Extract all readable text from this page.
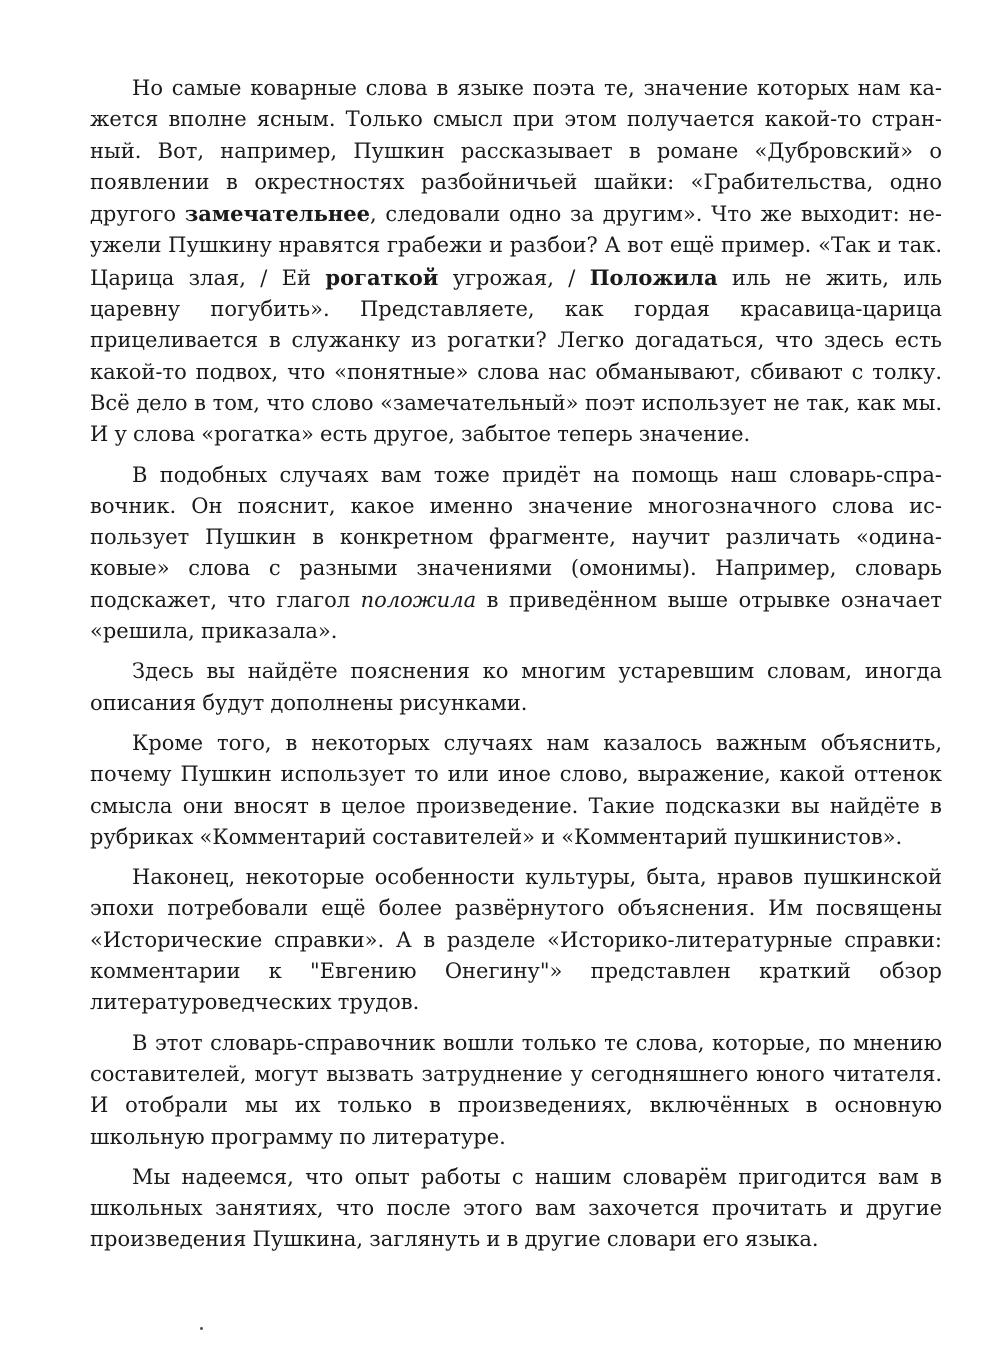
Но самые коварные слова в языке поэта те, значение которых нам кажется вполне ясным. Только смысл при этом получается какой-то странный. Вот, например, Пушкин рассказывает в романе «Дубровский» о появлении в окрестностях разбойничьей шайки: «Грабительства, одно другого замечательнее, следовали одно за другим». Что же выходит: неужели Пушкину нравятся грабежи и разбои? А вот ещё пример. «Так и так. Царица злая, / Ей рогаткой угрожая, / Положила иль не жить, иль царевну погубить». Представляете, как гордая красавица-царица прицеливается в служанку из рогатки? Легко догадаться, что здесь есть какой-то подвох, что «понятные» слова нас обманывают, сбивают с толку. Всё дело в том, что слово «замечательный» поэт использует не так, как мы. И у слова «рогатка» есть другое, забытое теперь значение.

В подобных случаях вам тоже придёт на помощь наш словарь-справочник. Он пояснит, какое именно значение многозначного слова использует Пушкин в конкретном фрагменте, научит различать «одинаковые» слова с разными значениями (омонимы). Например, словарь подскажет, что глагол положила в приведённом выше отрывке означает «решила, приказала».

Здесь вы найдёте пояснения ко многим устаревшим словам, иногда описания будут дополнены рисунками.

Кроме того, в некоторых случаях нам казалось важным объяснить, почему Пушкин использует то или иное слово, выражение, какой оттенок смысла они вносят в целое произведение. Такие подсказки вы найдёте в рубриках «Комментарий составителей» и «Комментарий пушкинистов».

Наконец, некоторые особенности культуры, быта, нравов пушкинской эпохи потребовали ещё более развёрнутого объяснения. Им посвящены «Исторические справки». А в разделе «Историко-литературные справки: комментарии к "Евгению Онегину"» представлен краткий обзор литературоведческих трудов.

В этот словарь-справочник вошли только те слова, которые, по мнению составителей, могут вызвать затруднение у сегодняшнего юного читателя. И отобрали мы их только в произведениях, включённых в основную школьную программу по литературе.

Мы надеемся, что опыт работы с нашим словарём пригодится вам в школьных занятиях, что после этого вам захочется прочитать и другие произведения Пушкина, заглянуть и в другие словари его языка.
